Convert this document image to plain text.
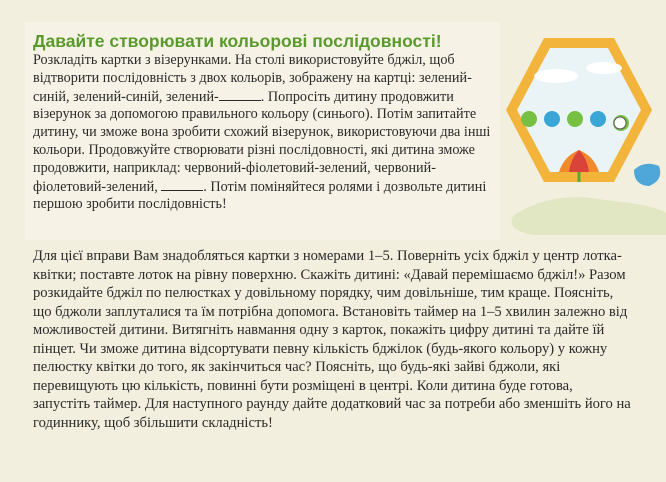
Давайте створювати кольорові послідовності!

Розкладіть картки з візерунками. На столі використовуйте бджіл, щоб відтворити послідовність з двох кольорів, зображену на картці: зелений-синій, зелений-синій, зелений-	. Попросіть дитину продовжити візерунок за допомогою правильного кольору (синього). Потім запитайте дитину, чи зможе вона зробити схожий візерунок, використовуючи два інші кольори. Продовжуйте створювати різні послідовності, які дитина зможе продовжити, наприклад: червоний-фіолетовий-зелений, червоний-фіолетовий-зелений,	. Потім поміняйтеся ролями і дозвольте дитині першою зробити послідовність!

Для цієї вправи Вам знадобляться картки з номерами 1–5. Поверніть усіх бджіл у центр лотка-квітки; поставте лоток на рівну поверхню. Скажіть дитині: «Давай перемішаємо бджіл!» Разом розкидайте бджіл по пелюстках у довільному порядку, чим довільніше, тим краще. Поясніть, що бджоли заплуталися та їм потрібна допомога. Встановіть таймер на 1–5 хвилин залежно від можливостей дитини. Витягніть навмання одну з карток, покажіть цифру дитині та дайте їй пінцет. Чи зможе дитина відсортувати певну кількість бджілок (будь-якого кольору) у кожну пелюстку квітки до того, як закінчиться час? Поясніть, що будь-які зайві бджоли, які перевищують цю кількість, повинні бути розміщені в центрі. Коли дитина буде готова, запустіть таймер. Для наступного раунду дайте додатковий час за потреби або зменшіть його на годиннику, щоб збільшити складність!
